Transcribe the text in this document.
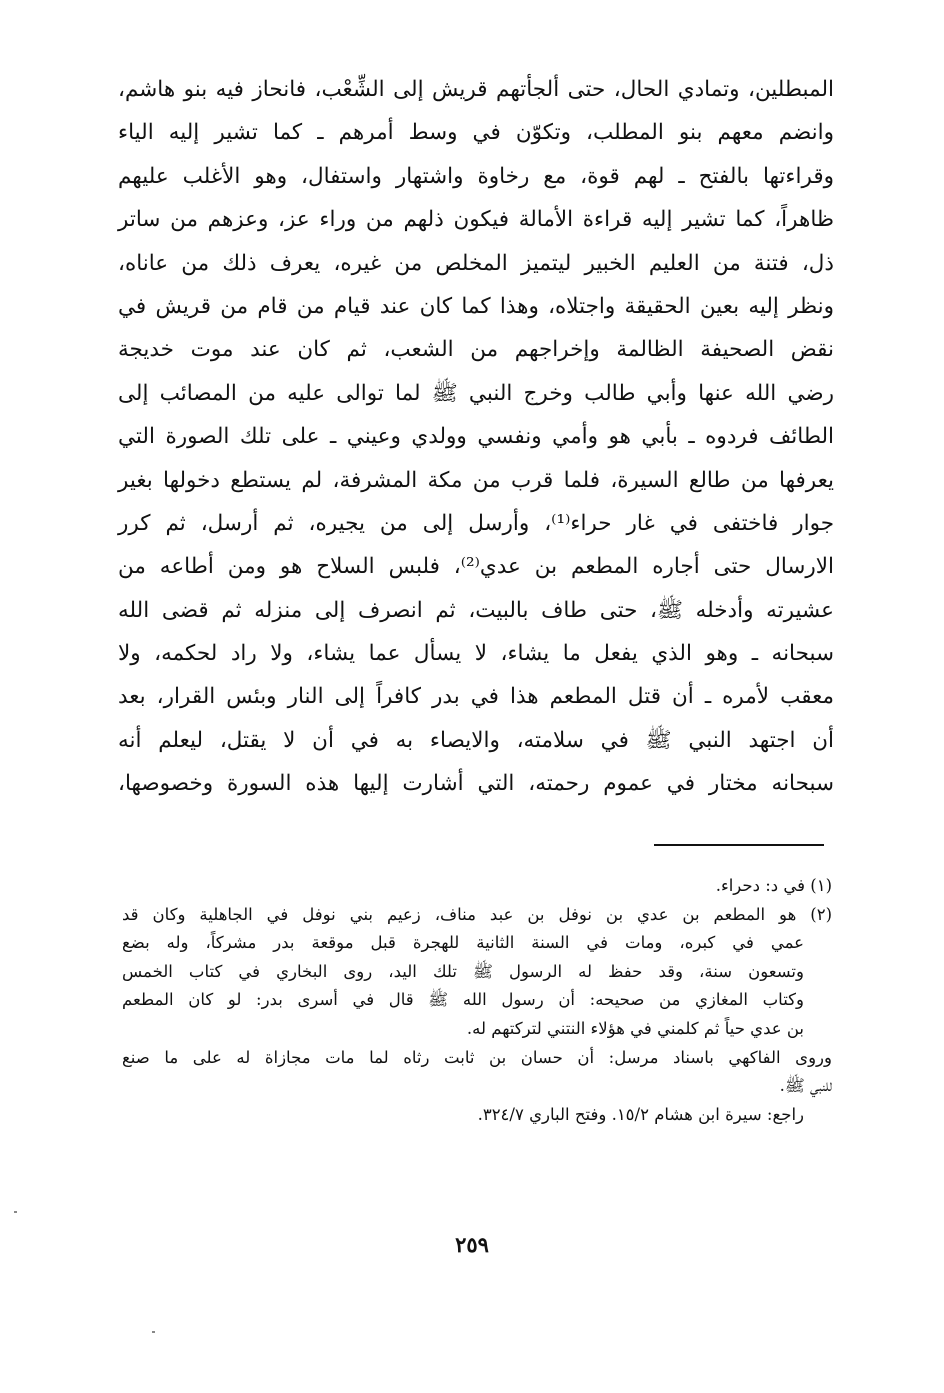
المبطلين، وتمادي الحال، حتى ألجأتهم قريش إلى الشِّعْب، فانحاز فيه بنو هاشم،
وانضم معهم بنو المطلب، وتكوّن في وسط أمرهم ـ كما تشير إليه الياء
وقراءتها بالفتح ـ لهم قوة، مع رخاوة واشتهار واستفال، وهو الأغلب عليهم
ظاهراً، كما تشير إليه قراءة الأمالة فيكون ذلهم من وراء عز، وعزهم من ساتر
ذل، فتنة من العليم الخبير ليتميز المخلص من غيره، يعرف ذلك من عاناه،
ونظر إليه بعين الحقيقة واجتلاه، وهذا كما كان عند قيام من قام من قريش في
نقض الصحيفة الظالمة وإخراجهم من الشعب، ثم كان عند موت خديجة
رضي الله عنها وأبي طالب وخرج النبي ﷺ لما توالى عليه من المصائب إلى
الطائف فردوه ـ بأبي هو وأمي ونفسي وولدي وعيني ـ على تلك الصورة التي
يعرفها من طالع السيرة، فلما قرب من مكة المشرفة، لم يستطع دخولها بغير
جوار فاختفى في غار حراء⁽¹⁾، وأرسل إلى من يجيره، ثم أرسل، ثم كرر
الارسال حتى أجاره المطعم بن عدي⁽²⁾، فلبس السلاح هو ومن أطاعه من
عشيرته وأدخله ﷺ، حتى طاف بالبيت، ثم انصرف إلى منزله ثم قضى الله
سبحانه ـ وهو الذي يفعل ما يشاء، لا يسأل عما يشاء، ولا راد لحكمه، ولا
معقب لأمره ـ أن قتل المطعم هذا في بدر كافراً إلى النار وبئس القرار، بعد
أن اجتهد النبي ﷺ في سلامته، والايصاء به في أن لا يقتل، ليعلم أنه
سبحانه مختار في عموم رحمته، التي أشارت إليها هذه السورة وخصوصها،
(١) في د: دحراء.
(٢) هو المطعم بن عدي بن نوفل بن عبد مناف، زعيم بني نوفل في الجاهلية وكان قد
عمي في كبره، ومات في السنة الثانية للهجرة قبل موقعة بدر مشركاً، وله بضع
وتسعون سنة، وقد حفظ له الرسول ﷺ تلك اليد، روى البخاري في كتاب الخمس
وكتاب المغازي من صحيحه: أن رسول الله ﷺ قال في أسرى بدر: لو كان المطعم
بن عدي حياً ثم كلمني في هؤلاء النتني لتركتهم له.
وروى الفاكهي باسناد مرسل: أن حسان بن ثابت رثاه لما مات مجازاة له على ما صنع
للنبي ﷺ.
راجع: سيرة ابن هشام ١٥/٢. وفتح الباري ٣٢٤/٧.
٢٥٩
